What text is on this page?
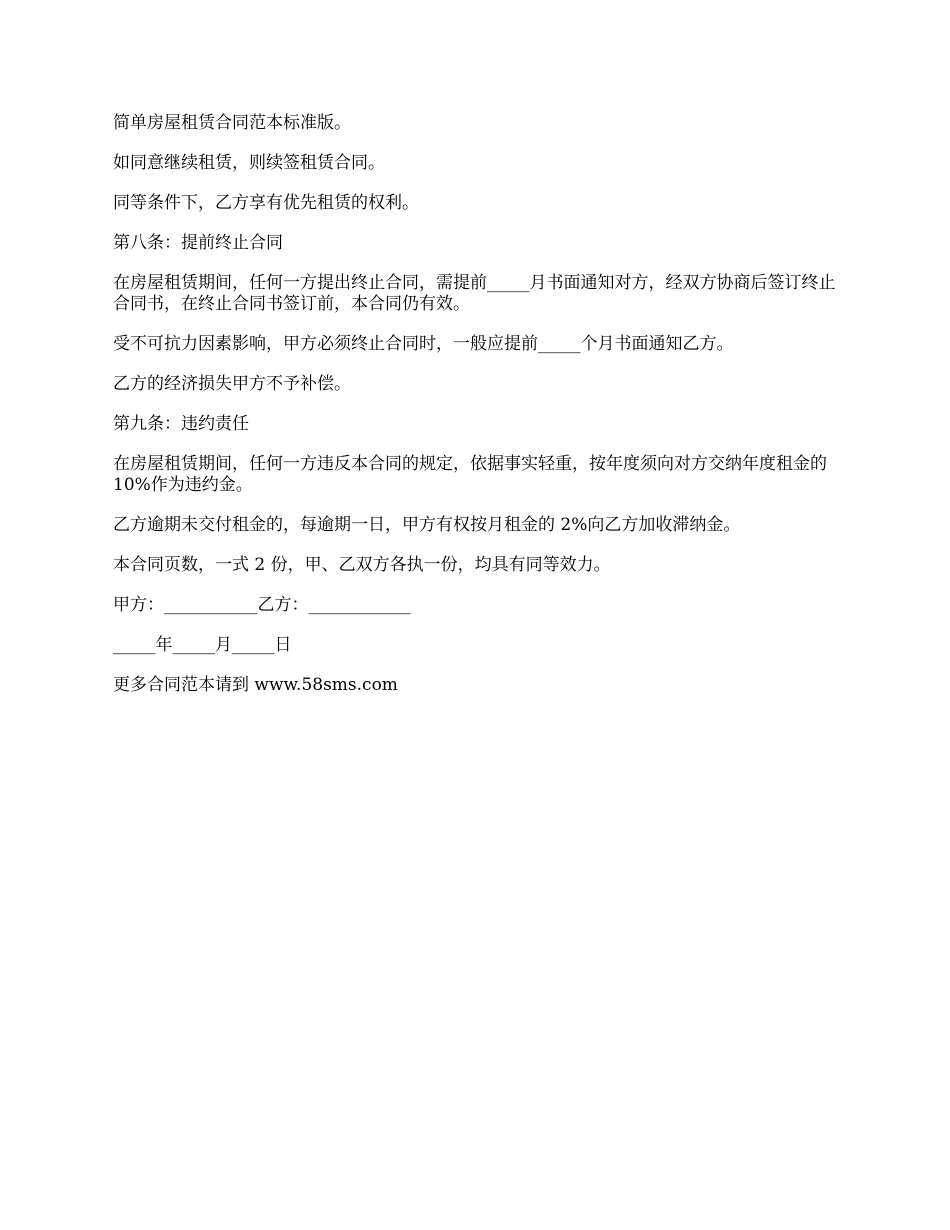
简单房屋租赁合同范本标准版。

如同意继续租赁，则续签租赁合同。

同等条件下，乙方享有优先租赁的权利。

第八条：提前终止合同

在房屋租赁期间，任何一方提出终止合同，需提前_____月书面通知对方，经双方协商后签订终止合同书，在终止合同书签订前，本合同仍有效。

受不可抗力因素影响，甲方必须终止合同时，一般应提前_____个月书面通知乙方。

乙方的经济损失甲方不予补偿。

第九条：违约责任

在房屋租赁期间，任何一方违反本合同的规定，依据事实轻重，按年度须向对方交纳年度租金的 10%作为违约金。

乙方逾期未交付租金的，每逾期一日，甲方有权按月租金的 2%向乙方加收滞纳金。

本合同页数，一式 2 份，甲、乙双方各执一份，均具有同等效力。

甲方：___________乙方：____________

_____年_____月_____日

更多合同范本请到 www.58sms.com
